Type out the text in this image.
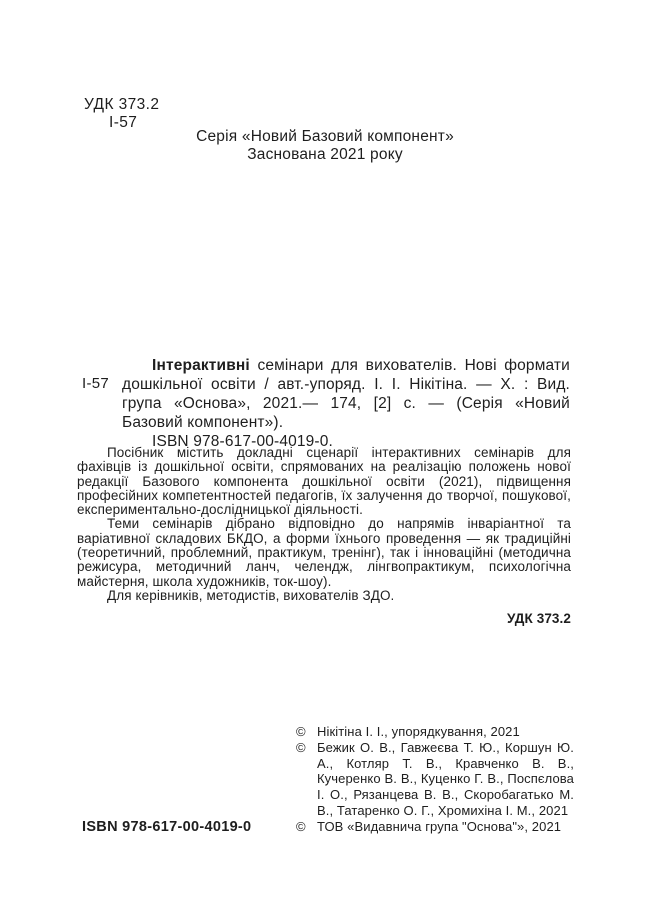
УДК 373.2
І-57
Серія «Новий Базовий компонент»
Заснована 2021 року
І-57

Інтерактивні семінари для вихователів. Нові формати дошкільної освіти / авт.-упоряд. І. І. Нікітіна. — Х. : Вид. група «Основа», 2021.— 174, [2] с. — (Серія «Новий Базовий компонент»).

ISBN 978-617-00-4019-0.

Посібник містить докладні сценарії інтерактивних семінарів для фахівців із дошкільної освіти, спрямованих на реалізацію положень нової редакції Базового компонента дошкільної освіти (2021), підвищення професійних компетентностей педагогів, їх залучення до творчої, пошукової, експериментально-дослідницької діяльності.

Теми семінарів дібрано відповідно до напрямів інваріантної та варіативної складових БКДО, а форми їхнього проведення — як традиційні (теоретичний, проблемний, практикум, тренінг), так і інноваційні (методична режисура, методичний ланч, челендж, лінгвопрактикум, психологічна майстерня, школа художників, ток-шоу).

Для керівників, методистів, вихователів ЗДО.

УДК 373.2

© Нікітіна І. І., упорядкування, 2021

© Бежик О. В., Гавжеєва Т. Ю., Коршун Ю. А., Котляр Т. В., Кравченко В. В., Кучеренко В. В., Куценко Г. В., Поспєлова І. О., Рязанцева В. В., Скоробагатько М. В., Татаренко О. Г., Хромихіна І. М., 2021

© ТОВ «Видавнича група "Основа"», 2021

ISBN 978-617-00-4019-0
